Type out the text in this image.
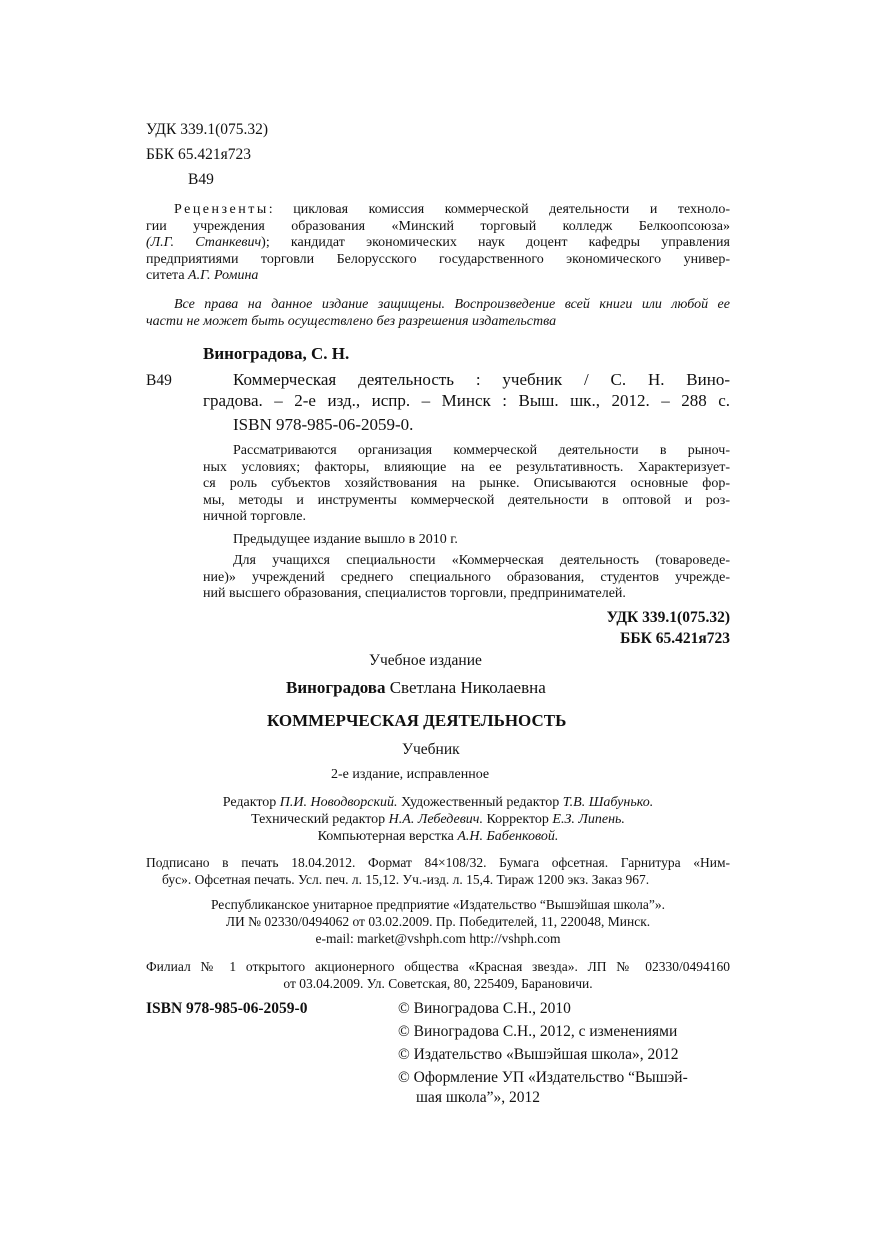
УДК 339.1(075.32)
ББК 65.421я723
В49
Рецензенты: цикловая комиссия коммерческой деятельности и техноло-
гии учреждения образования «Минский торговый колледж Белкоопсоюза»
(Л.Г. Станкевич); кандидат экономических наук доцент кафедры управления
предприятиями торговли Белорусского государственного экономического универ-
ситета А.Г. Ромина
Все права на данное издание защищены. Воспроизведение всей книги или любой ее
части не может быть осуществлено без разрешения издательства
Виноградова, С. Н.
В49	Коммерческая деятельность : учебник / С. Н. Вино-
градова. – 2-е изд., испр. – Минск : Выш. шк., 2012. – 288 с.
ISBN 978-985-06-2059-0.
Рассматриваются организация коммерческой деятельности в рыноч-
ных условиях; факторы, влияющие на ее результативность. Характеризует-
ся роль субъектов хозяйствования на рынке. Описываются основные фор-
мы, методы и инструменты коммерческой деятельности в оптовой и роз-
ничной торговле.
Предыдущее издание вышло в 2010 г.
Для учащихся специальности «Коммерческая деятельность (товароведе-
ние)» учреждений среднего специального образования, студентов учрежде-
ний высшего образования, специалистов торговли, предпринимателей.
УДК 339.1(075.32)
ББК 65.421я723
Учебное издание
Виноградова Светлана Николаевна
КОММЕРЧЕСКАЯ ДЕЯТЕЛЬНОСТЬ
Учебник
2-е издание, исправленное
Редактор П.И. Новодворский. Художественный редактор Т.В. Шабунько.
Технический редактор Н.А. Лебедевич. Корректор Е.З. Липень.
Компьютерная верстка А.Н. Бабенковой.
Подписано в печать 18.04.2012. Формат 84×108/32. Бумага офсетная. Гарнитура «Ним-
бус». Офсетная печать. Усл. печ. л. 15,12. Уч.-изд. л. 15,4. Тираж 1200 экз. Заказ 967.
Республиканское унитарное предприятие «Издательство “Вышэйшая школа”».
ЛИ № 02330/0494062 от 03.02.2009. Пр. Победителей, 11, 220048, Минск.
e-mail: market@vshph.com http://vshph.com
Филиал № 1 открытого акционерного общества «Красная звезда». ЛП № 02330/0494160
от 03.04.2009. Ул. Советская, 80, 225409, Барановичи.
ISBN 978-985-06-2059-0	© Виноградова С.Н., 2010
© Виноградова С.Н., 2012, с изменениями
© Издательство «Вышэйшая школа», 2012
© Оформление УП «Издательство “Вышэй-
шая школа”», 2012
